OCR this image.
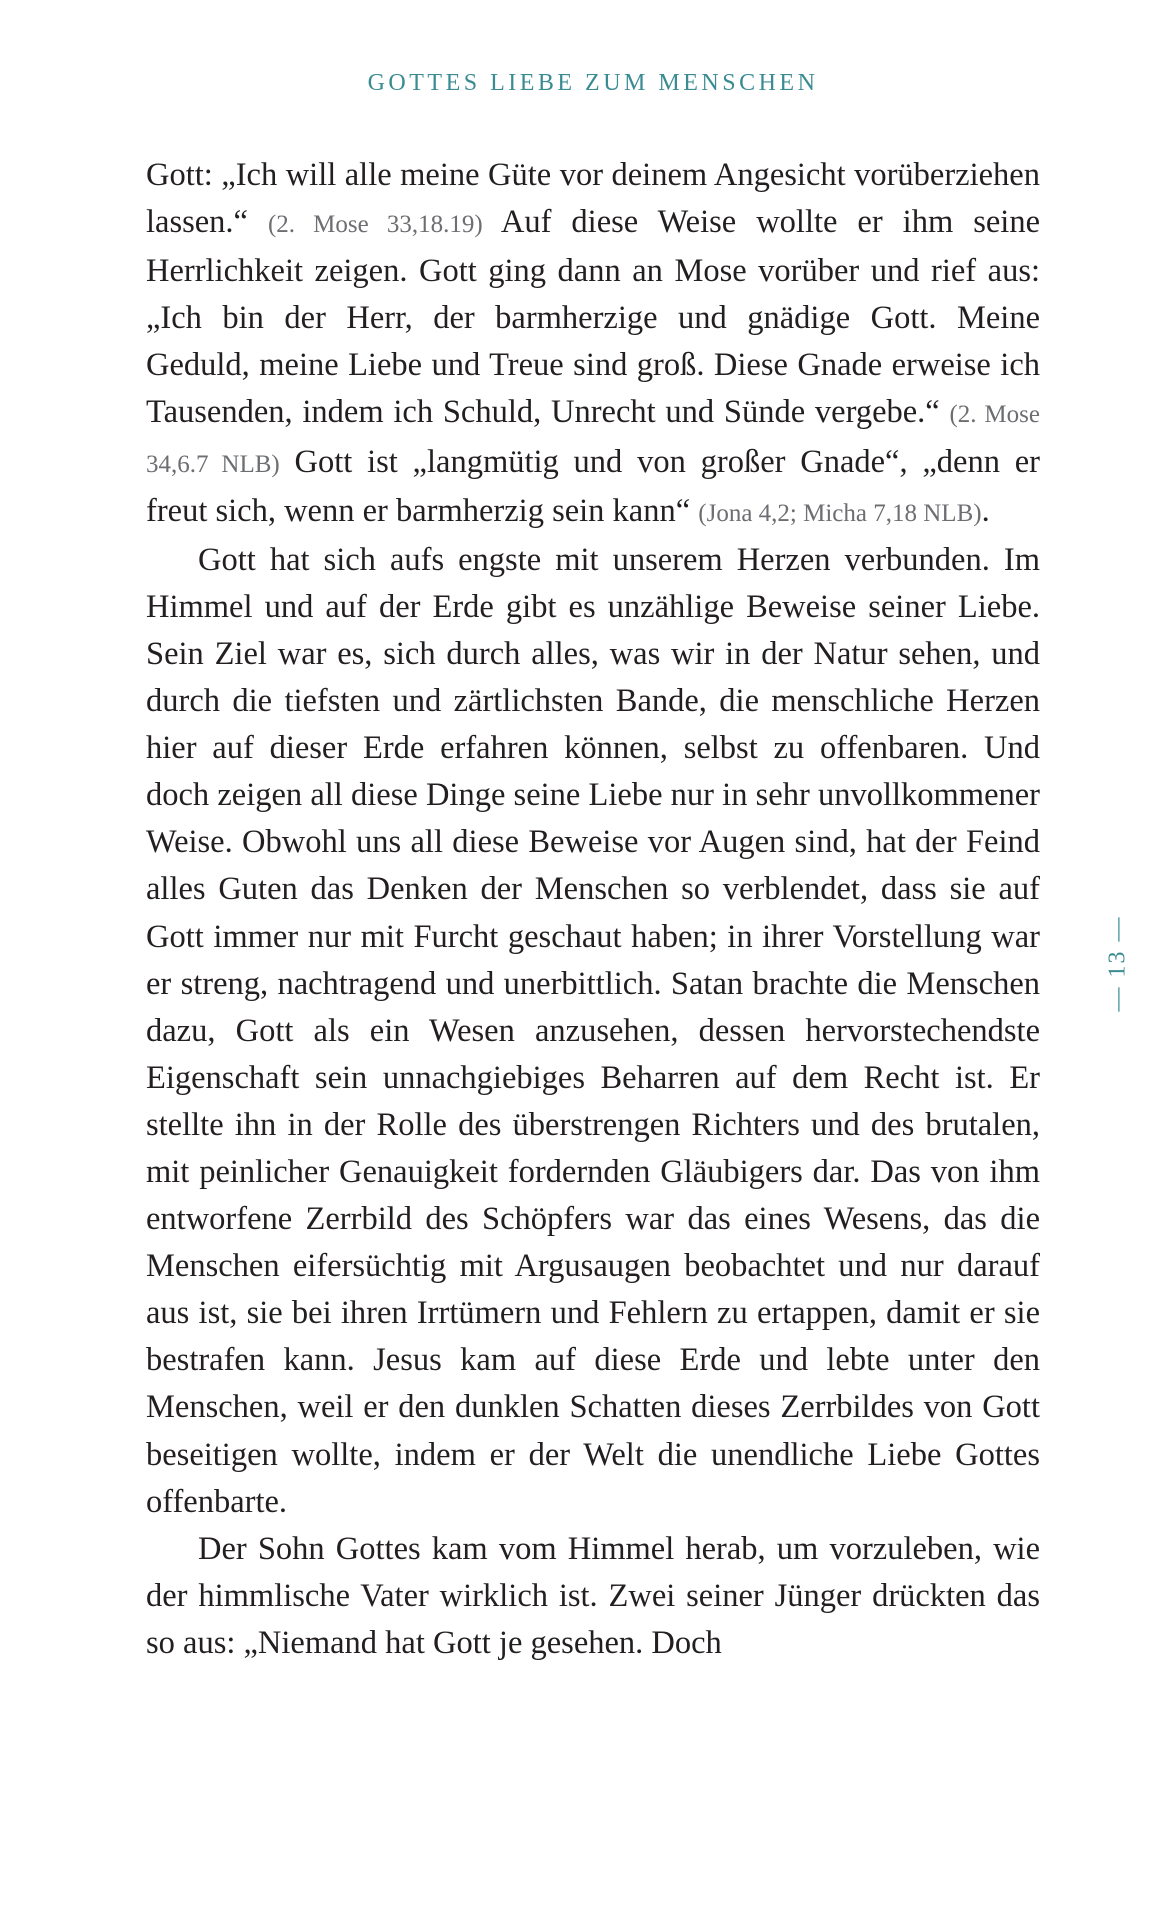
GOTTES LIEBE ZUM MENSCHEN

Gott: „Ich will alle meine Güte vor deinem Angesicht vorüberziehen lassen.“ (2. Mose 33,18.19) Auf diese Weise wollte er ihm seine Herrlichkeit zeigen. Gott ging dann an Mose vorüber und rief aus: „Ich bin der Herr, der barmherzige und gnädige Gott. Meine Geduld, meine Liebe und Treue sind groß. Diese Gnade erweise ich Tausenden, indem ich Schuld, Unrecht und Sünde vergebe.“ (2. Mose 34,6.7 NLB) Gott ist „langmütig und von großer Gnade“, „denn er freut sich, wenn er barmherzig sein kann“ (Jona 4,2; Micha 7,18 NLB).

Gott hat sich aufs engste mit unserem Herzen verbunden. Im Himmel und auf der Erde gibt es unzählige Beweise seiner Liebe. Sein Ziel war es, sich durch alles, was wir in der Natur sehen, und durch die tiefsten und zärtlichsten Bande, die menschliche Herzen hier auf dieser Erde erfahren können, selbst zu offenbaren. Und doch zeigen all diese Dinge seine Liebe nur in sehr unvollkommener Weise. Obwohl uns all diese Beweise vor Augen sind, hat der Feind alles Guten das Denken der Menschen so verblendet, dass sie auf Gott immer nur mit Furcht geschaut haben; in ihrer Vorstellung war er streng, nachtragend und unerbittlich. Satan brachte die Menschen dazu, Gott als ein Wesen anzusehen, dessen hervorstechendste Eigenschaft sein unnachgiebiges Beharren auf dem Recht ist. Er stellte ihn in der Rolle des überstrengen Richters und des brutalen, mit peinlicher Genauigkeit fordernden Gläubigers dar. Das von ihm entworfene Zerrbild des Schöpfers war das eines Wesens, das die Menschen eifersüchtig mit Argusaugen beobachtet und nur darauf aus ist, sie bei ihren Irrtümern und Fehlern zu ertappen, damit er sie bestrafen kann. Jesus kam auf diese Erde und lebte unter den Menschen, weil er den dunklen Schatten dieses Zerrbildes von Gott beseitigen wollte, indem er der Welt die unendliche Liebe Gottes offenbarte.

Der Sohn Gottes kam vom Himmel herab, um vorzuleben, wie der himmlische Vater wirklich ist. Zwei seiner Jünger drückten das so aus: „Niemand hat Gott je gesehen. Doch

— 13 —
